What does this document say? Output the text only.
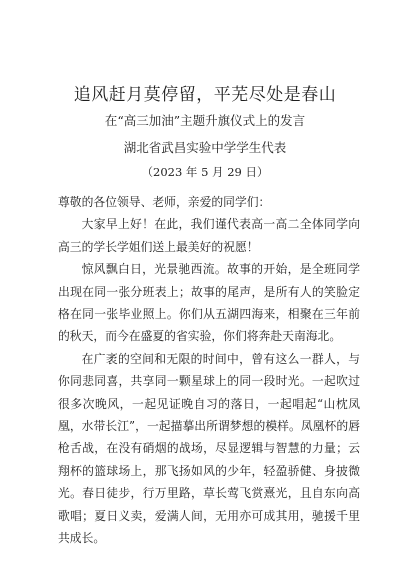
追风赶月莫停留，平芜尽处是春山
在“高三加油”主题升旗仪式上的发言
湖北省武昌实验中学学生代表
（2023 年 5 月 29 日）

尊敬的各位领导、老师，亲爱的同学们：

大家早上好！在此，我们谨代表高一高二全体同学向高三的学长学姐们送上最美好的祝愿！

惊风飘白日，光景驰西流。故事的开始，是全班同学出现在同一张分班表上；故事的尾声，是所有人的笑脸定格在同一张毕业照上。你们从五湖四海来，相聚在三年前的秋天，而今在盛夏的省实验，你们将奔赴天南海北。

在广袤的空间和无限的时间中，曾有这么一群人，与你同悲同喜，共享同一颗星球上的同一段时光。一起吹过很多次晚风，一起见证晚自习的落日，一起唱起“山枕凤凰，水带长江”，一起描摹出所谓梦想的模样。凤凰杯的唇枪舌战，在没有硝烟的战场，尽显逻辑与智慧的力量；云翔杯的篮球场上，那飞扬如风的少年，轻盈骄健、身披微光。春日徒步，行万里路，草长莺飞赏熹光，且自东向高歌唱；夏日义卖，爱满人间，无用亦可成其用，驰援千里共成长。
